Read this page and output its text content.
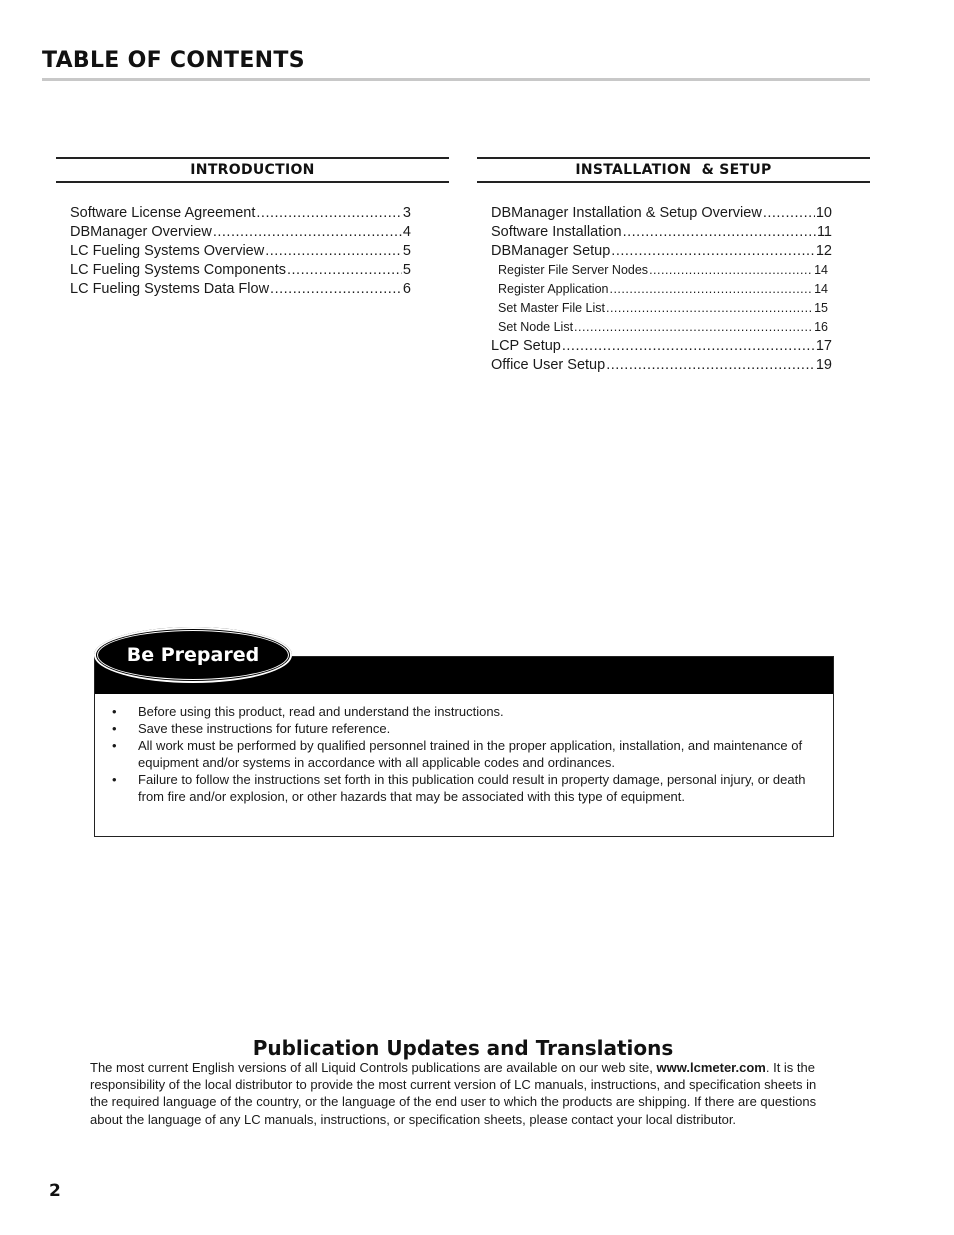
TABLE OF CONTENTS
INTRODUCTION
Software License Agreement .....	3
DBManager Overview .....	4
LC Fueling Systems Overview .....	5
LC Fueling Systems Components .....	5
LC Fueling Systems Data Flow .....	6
INSTALLATION  & SETUP
DBManager Installation & Setup Overview .....	10
Software Installation .....	11
DBManager Setup .....	12
Register File Server Nodes .....	14
Register Application .....	14
Set Master File List .....	15
Set Node List .....	16
LCP Setup .....	17
Office User Setup .....	19
Be Prepared
• Before using this product, read and understand the instructions.
• Save these instructions for future reference.
• All work must be performed by qualified personnel trained in the proper application, installation, and maintenance of equipment and/or systems in accordance with all applicable codes and ordinances.
• Failure to follow the instructions set forth in this publication could result in property damage, personal injury, or death from fire and/or explosion, or other hazards that may be associated with this type of equipment.
Publication Updates and Translations
The most current English versions of all Liquid Controls publications are available on our web site, www.lcmeter.com. It is the responsibility of the local distributor to provide the most current version of LC manuals, instructions, and specification sheets in the required language of the country, or the language of the end user to which the products are shipping. If there are questions about the language of any LC manuals, instructions, or specification sheets, please contact your local distributor.
2
